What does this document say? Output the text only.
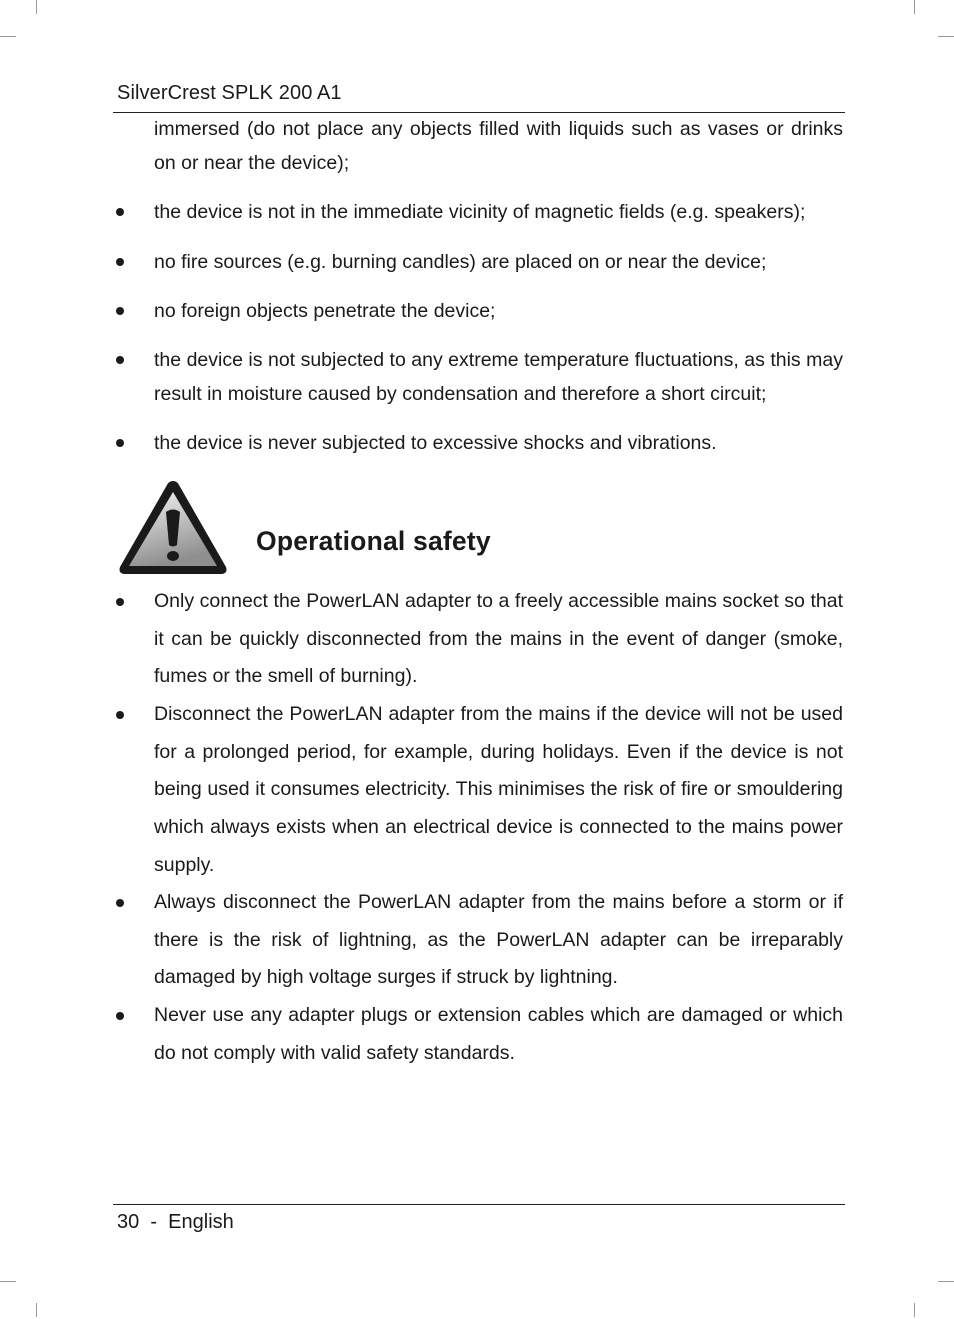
SilverCrest SPLK 200 A1

immersed (do not place any objects filled with liquids such as vases or drinks on or near the device);

the device is not in the immediate vicinity of magnetic fields (e.g. speakers);

no fire sources (e.g. burning candles) are placed on or near the device;

no foreign objects penetrate the device;

the device is not subjected to any extreme temperature fluctuations, as this may result in moisture caused by condensation and therefore a short circuit;

the device is never subjected to excessive shocks and vibrations.

Operational safety

Only connect the PowerLAN adapter to a freely accessible mains socket so that it can be quickly disconnected from the mains in the event of danger (smoke, fumes or the smell of burning).

Disconnect the PowerLAN adapter from the mains if the device will not be used for a prolonged period, for example, during holidays. Even if the device is not being used it consumes electricity. This minimises the risk of fire or smouldering which always exists when an electrical device is connected to the mains power supply.

Always disconnect the PowerLAN adapter from the mains before a storm or if there is the risk of lightning, as the PowerLAN adapter can be irreparably damaged by high voltage surges if struck by lightning.

Never use any adapter plugs or extension cables which are damaged or which do not comply with valid safety standards.

30 - English
